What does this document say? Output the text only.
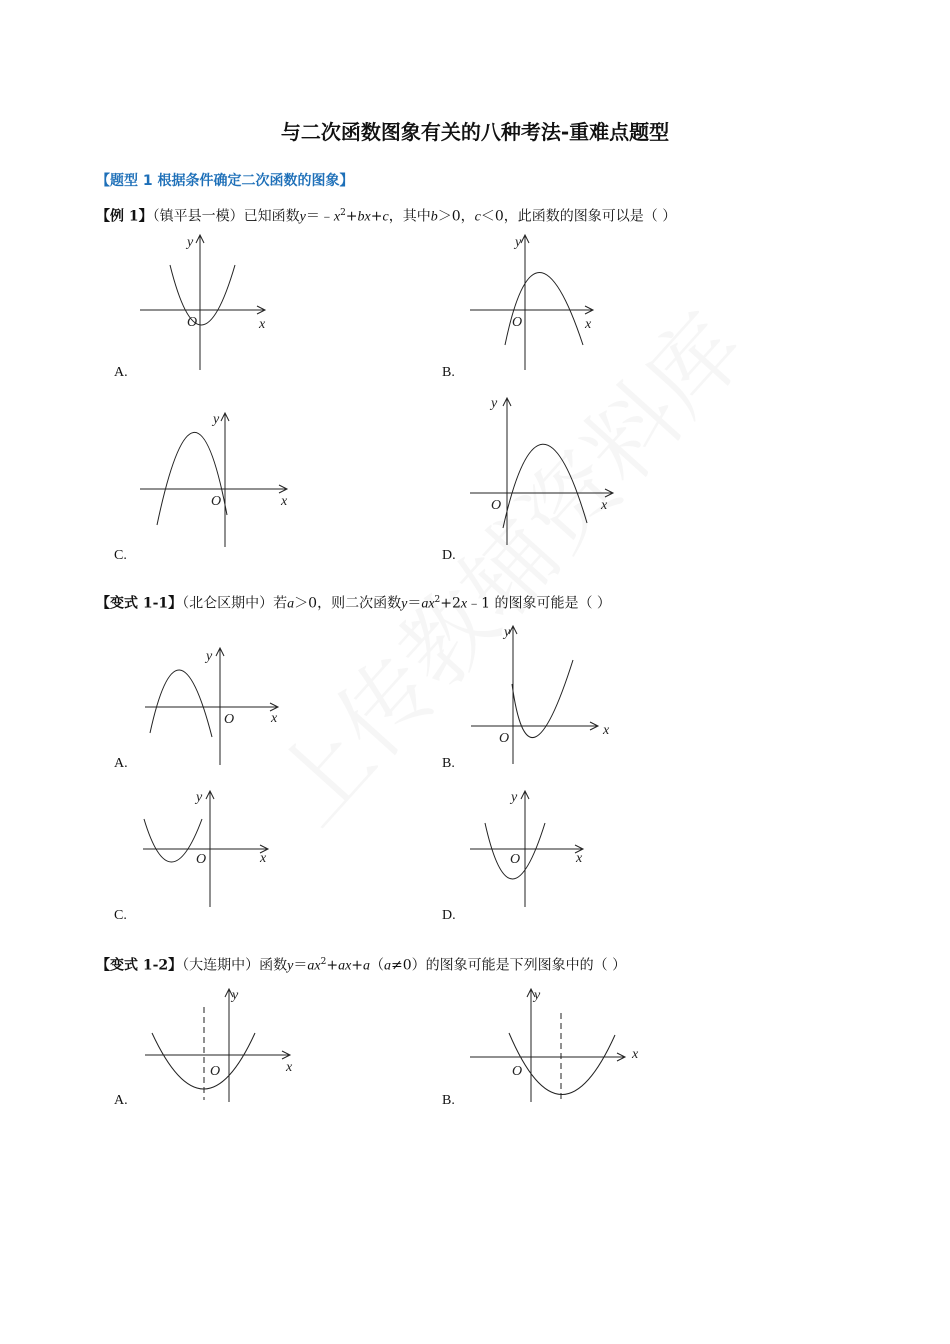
与二次函数图象有关的八种考法-重难点题型
【题型 1 根据条件确定二次函数的图象】
【例 1】（镇平县一模）已知函数$y=﹣x^2+bx+c$，其中b＞0，c＜0，此函数的图象可以是（ ）
x
y
O
A.
x
y
O
B.
x
y
O
C.
x
y
O
D.
【变式 1-1】（北仑区期中）若a＞0，则二次函数$y=ax^2+2x﹣1$ 的图象可能是（ ）
x
y
O
A.
x
y
O
B.
x
y
O
C.
x
y
O
D.
【变式 1-2】（大连期中）函数$y=ax^2+ax+a(a\ne 0)$的图象可能是下列图象中的（ ）
x
y
O
A.
x
y
O
B.
